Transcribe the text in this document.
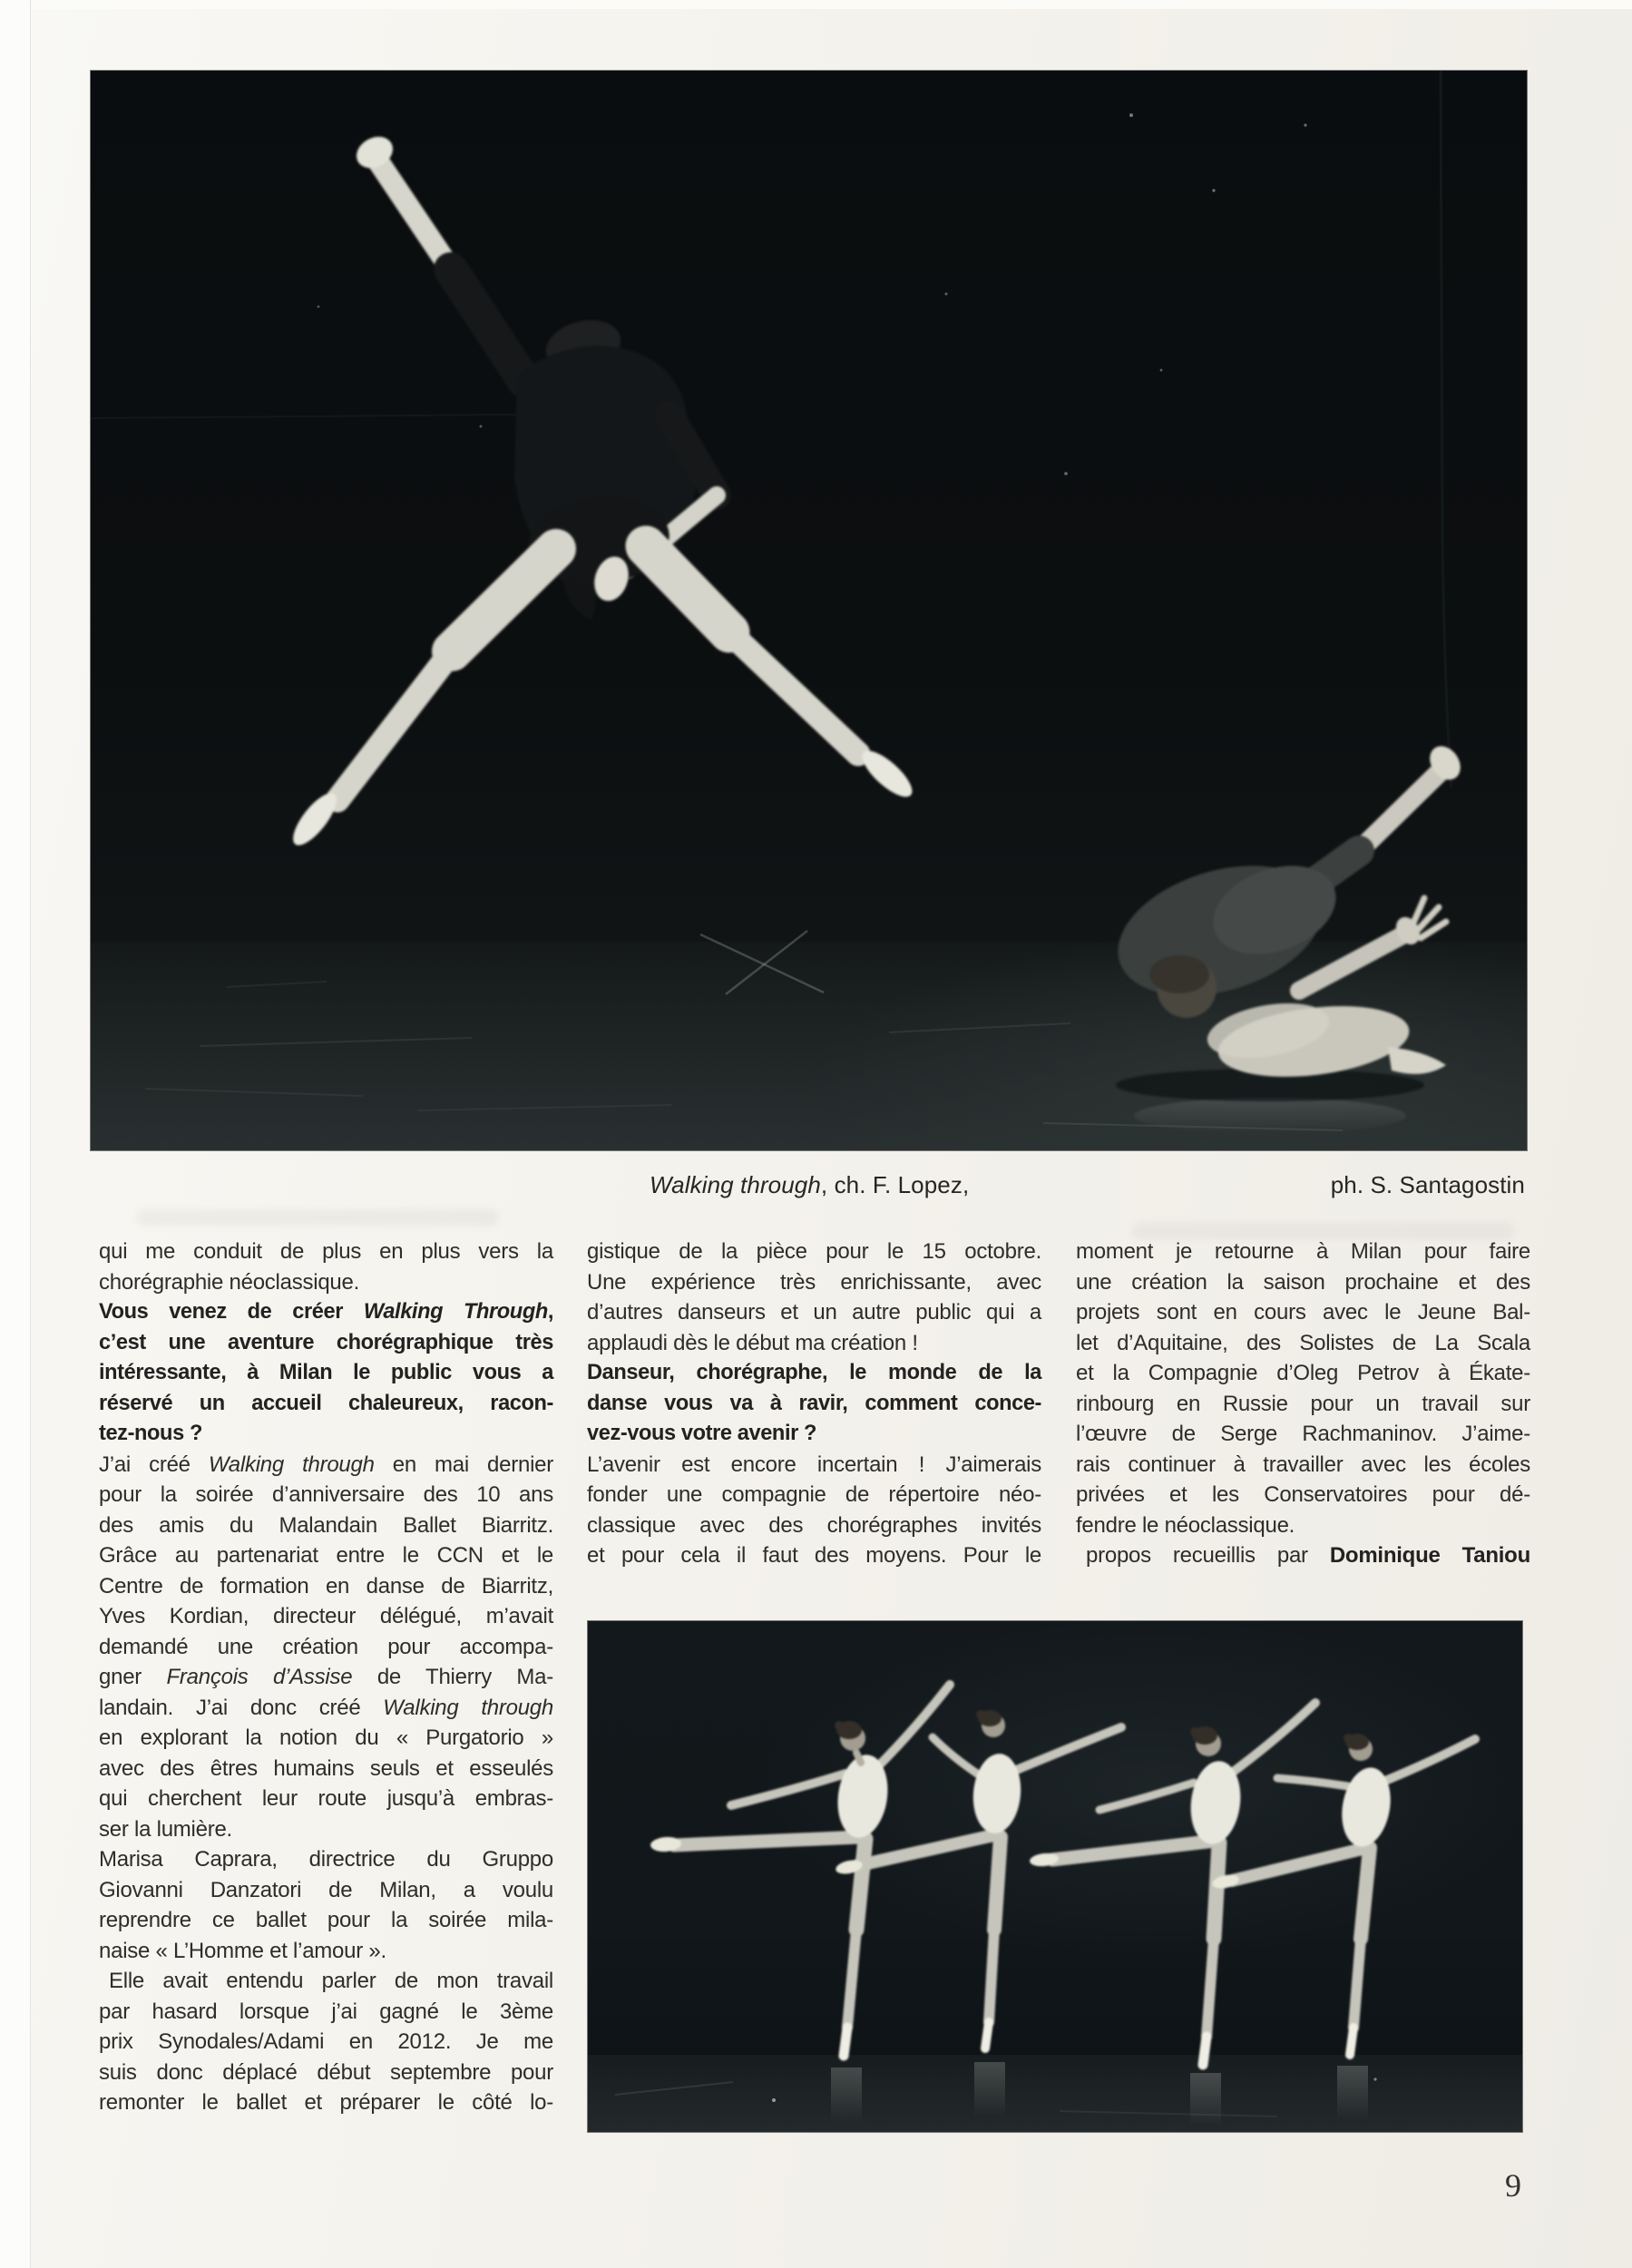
Walking through, ch. F. Lopez,	ph. S. Santagostin
qui me conduit de plus en plus vers la
chorégraphie néoclassique.
Vous venez de créer Walking Through,
c’est une aventure chorégraphique très
intéressante, à Milan le public vous a
réservé un accueil chaleureux, racon-
tez-nous ?
J’ai créé Walking through en mai dernier
pour la soirée d’anniversaire des 10 ans
des amis du Malandain Ballet Biarritz.
Grâce au partenariat entre le CCN et le
Centre de formation en danse de Biarritz,
Yves Kordian, directeur délégué, m’avait
demandé une création pour accompa-
gner François d’Assise de Thierry Ma-
landain. J’ai donc créé Walking through
en explorant la notion du « Purgatorio »
avec des êtres humains seuls et esseulés
qui cherchent leur route jusqu’à embras-
ser la lumière.
Marisa Caprara, directrice du Gruppo
Giovanni Danzatori de Milan, a voulu
reprendre ce ballet pour la soirée mila-
naise « L’Homme et l’amour ».
Elle avait entendu parler de mon travail
par hasard lorsque j’ai gagné le 3ème
prix Synodales/Adami en 2012. Je me
suis donc déplacé début septembre pour
remonter le ballet et préparer le côté lo-
gistique de la pièce pour le 15 octobre.
Une expérience très enrichissante, avec
d’autres danseurs et un autre public qui a
applaudi dès le début ma création !
Danseur, chorégraphe, le monde de la
danse vous va à ravir, comment conce-
vez-vous votre avenir ?
L’avenir est encore incertain ! J’aimerais
fonder une compagnie de répertoire néo-
classique avec des chorégraphes invités
et pour cela il faut des moyens. Pour le
moment je retourne à Milan pour faire
une création la saison prochaine et des
projets sont en cours avec le Jeune Bal-
let d’Aquitaine, des Solistes de La Scala
et la Compagnie d’Oleg Petrov à Ékate-
rinbourg en Russie pour un travail sur
l’œuvre de Serge Rachmaninov. J’aime-
rais continuer à travailler avec les écoles
privées et les Conservatoires pour dé-
fendre le néoclassique.
propos recueillis par Dominique Taniou
9
